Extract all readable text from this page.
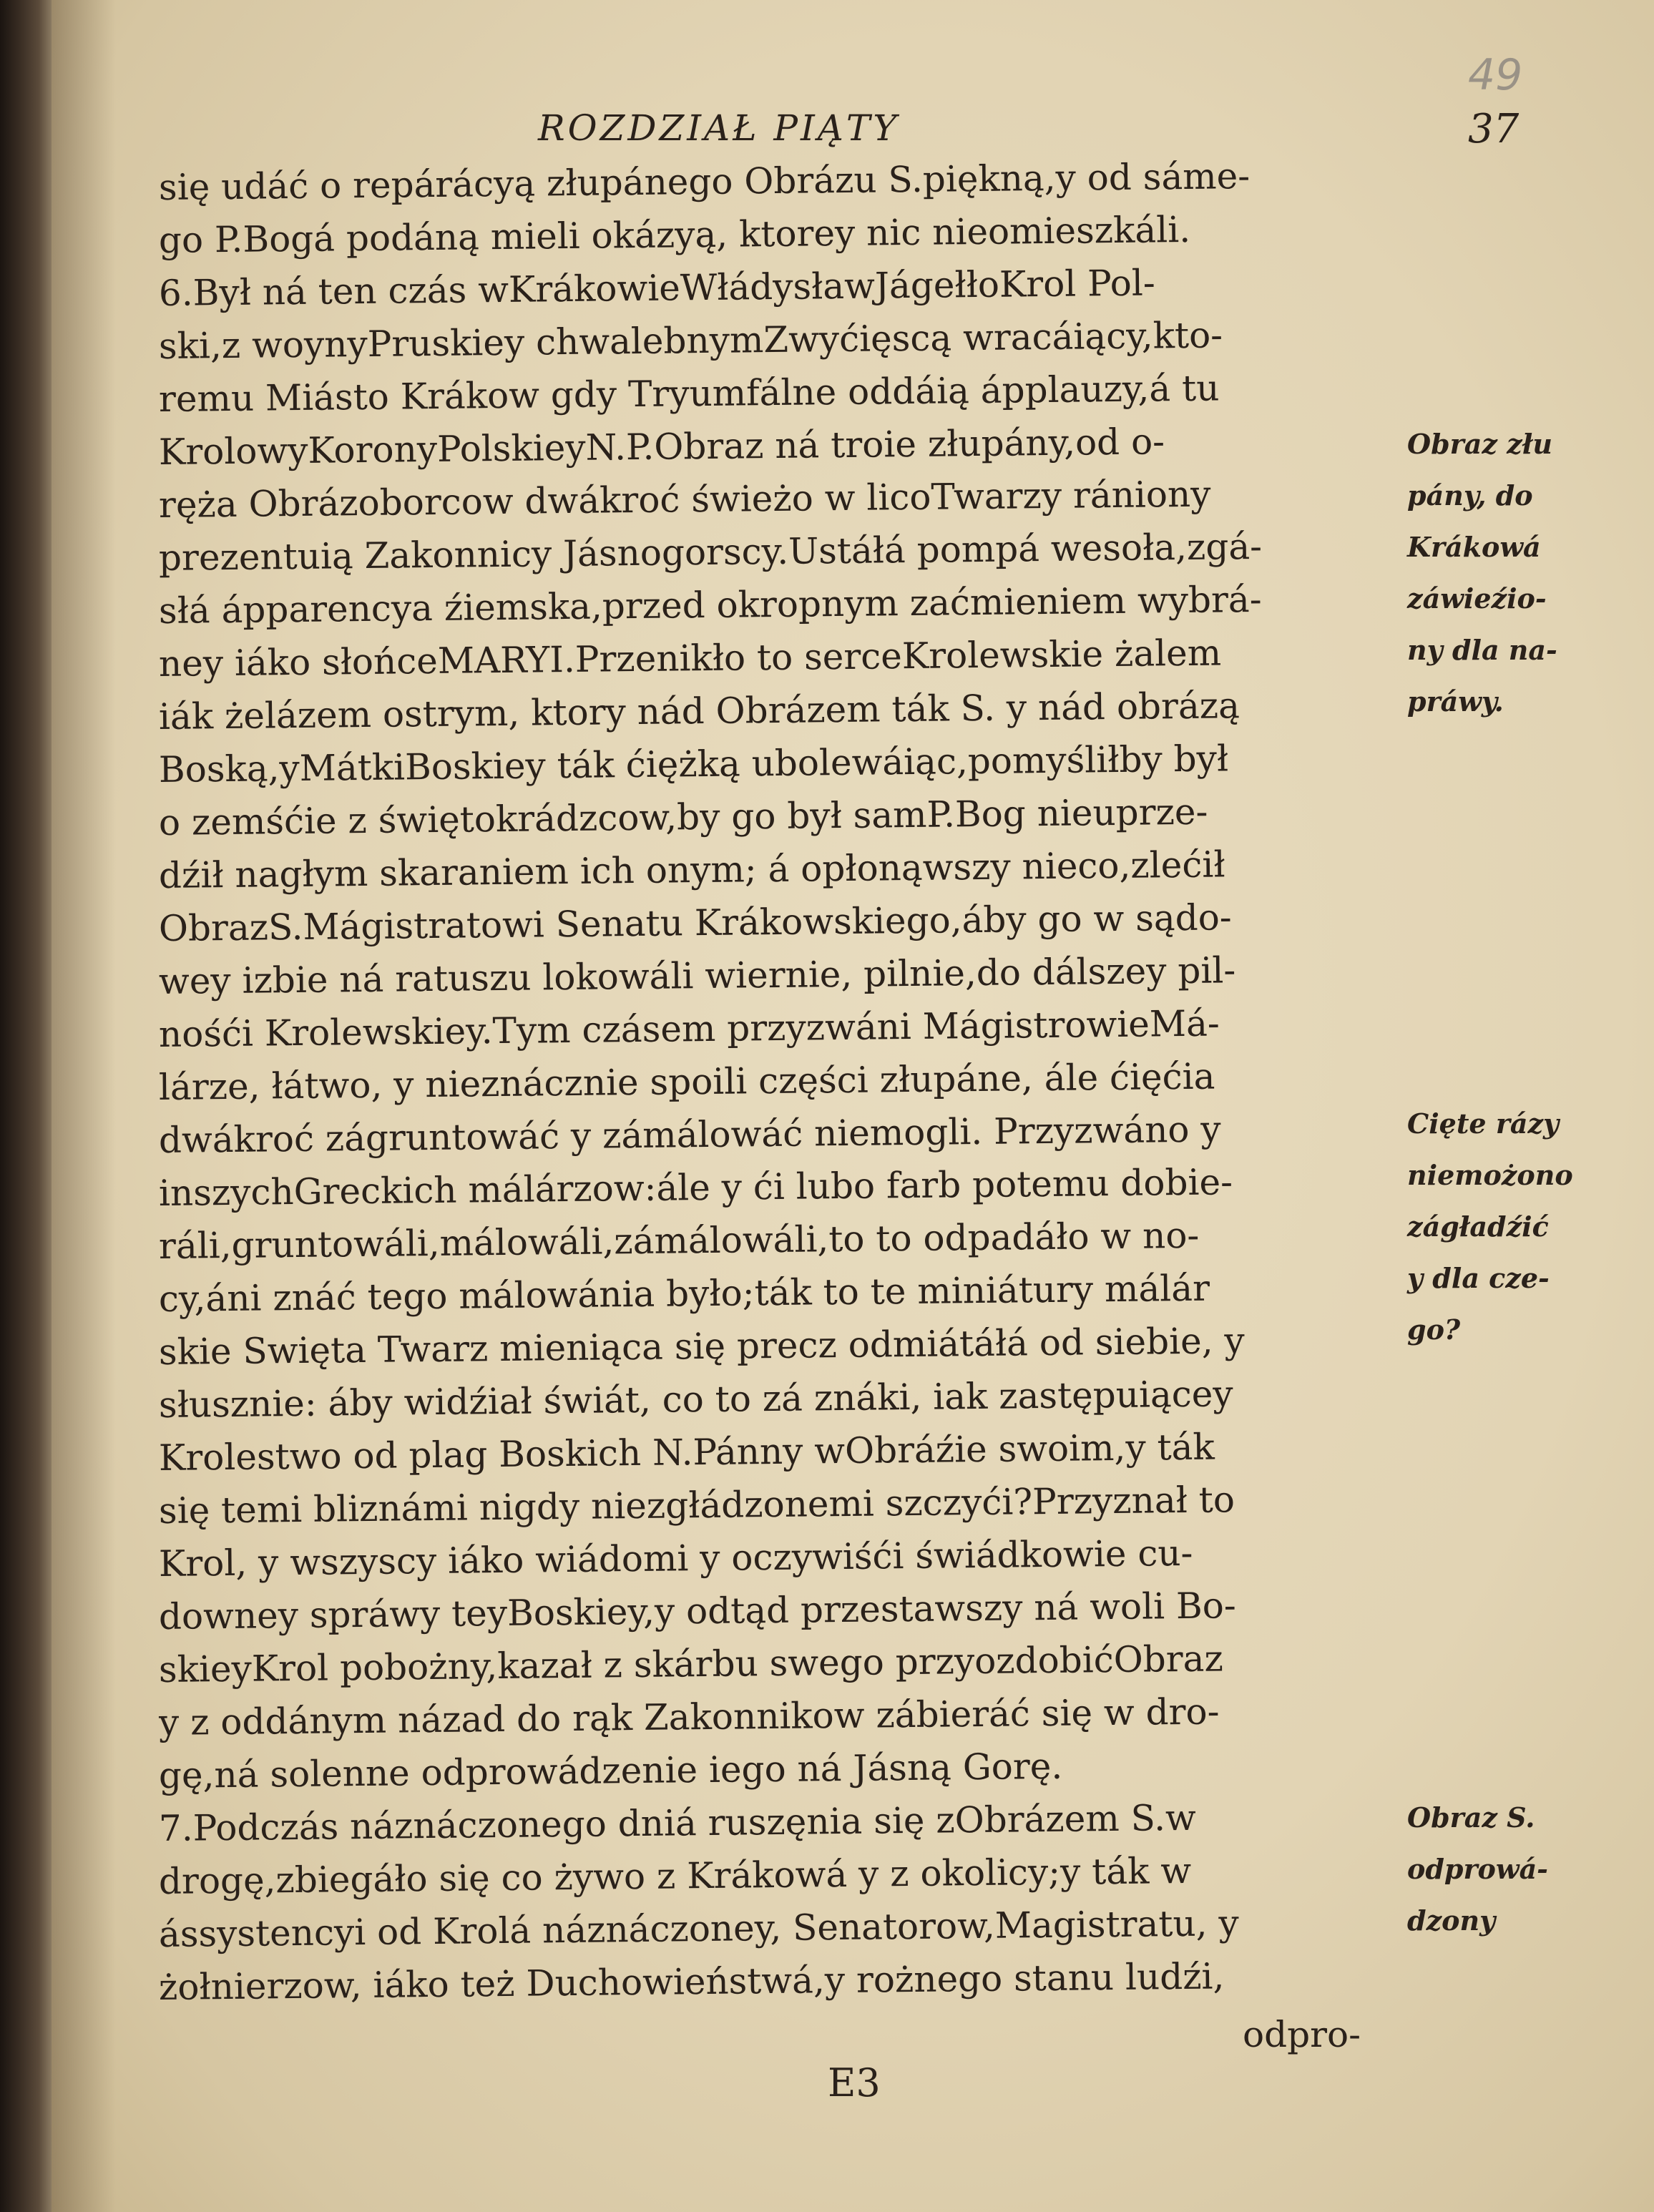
49
ROZDZIAŁ PIĄTY	37
się udáć o repárácyą złupánego Obrázu S.piękną,y od sáme-
go P.Bogá podáną mieli okázyą, ktorey nic nieomieszkáli.
6.Był ná ten czás wKrákowieWłádysławJágełłoKrol Pol-
ski,z woynyPruskiey chwalebnymZwyćięscą wracáiący,kto-
remu Miásto Krákow gdy Tryumfálne oddáią ápplauzy,á tu
KrolowyKoronyPolskieyN.P.Obraz ná troie złupány,od o-
ręża Obrázoborcow dwákroć świeżo w licoTwarzy rániony
prezentuią Zakonnicy Jásnogorscy.Ustáłá pompá wesoła,zgá-
słá ápparencya źiemska,przed okropnym zaćmieniem wybrá-
ney iáko słońceMARYI.Przenikło to serceKrolewskie żalem
iák żelázem ostrym, ktory nád Obrázem ták S. y nád obrázą
Boską,yMátkiBoskiey ták ćiężką ubolewáiąc,pomyśliłby był
o zemśćie z świętokrádzcow,by go był samP.Bog nieuprze-
dźił nagłym skaraniem ich onym; á opłonąwszy nieco,zlećił
ObrazS.Mágistratowi Senatu Krákowskiego,áby go w sądo-
wey izbie ná ratuszu lokowáli wiernie, pilnie,do dálszey pil-
nośći Krolewskiey.Tym czásem przyzwáni MágistrowieMá-
lárze, łátwo, y nieznácznie spoili części złupáne, ále ćięćia
dwákroć zágruntowáć y zámálowáć niemogli. Przyzwáno y
inszychGreckich málárzow:ále y ći lubo farb potemu dobie-
ráli,gruntowáli,málowáli,zámálowáli,to to odpadáło w no-
cy,áni znáć tego málowánia było;ták to te miniátury málár
skie Swięta Twarz mieniąca się precz odmiátáłá od siebie, y
słusznie: áby widźiał świát, co to zá znáki, iak zastępuiącey
Krolestwo od plag Boskich N.Pánny wObráźie swoim,y ták
się temi bliznámi nigdy niezgłádzonemi szczyći?Przyznał to
Krol, y wszyscy iáko wiádomi y oczywiśći świádkowie cu-
downey spráwy teyBoskiey,y odtąd przestawszy ná woli Bo-
skieyKrol pobożny,kazał z skárbu swego przyozdobićObraz
y z oddánym názad do rąk Zakonnikow zábieráć się w dro-
gę,ná solenne odprowádzenie iego ná Jásną Gorę.
7.Podczás náznáczonego dniá ruszęnia się zObrázem S.w
drogę,zbiegáło się co żywo z Krákowá y z okolicy;y ták w
ássystencyi od Krolá náznáczoney, Senatorow,Magistratu, y
żołnierzow, iáko też Duchowieństwá,y rożnego stanu ludźi,
Obraz złu
pány, do
Krákowá
záwieźio-
ny dla na-
práwy.
Cięte rázy
niemożono
zágładźić
y dla cze-
go?
Obraz S.
odprowá-
dzony
odpro-
E3
